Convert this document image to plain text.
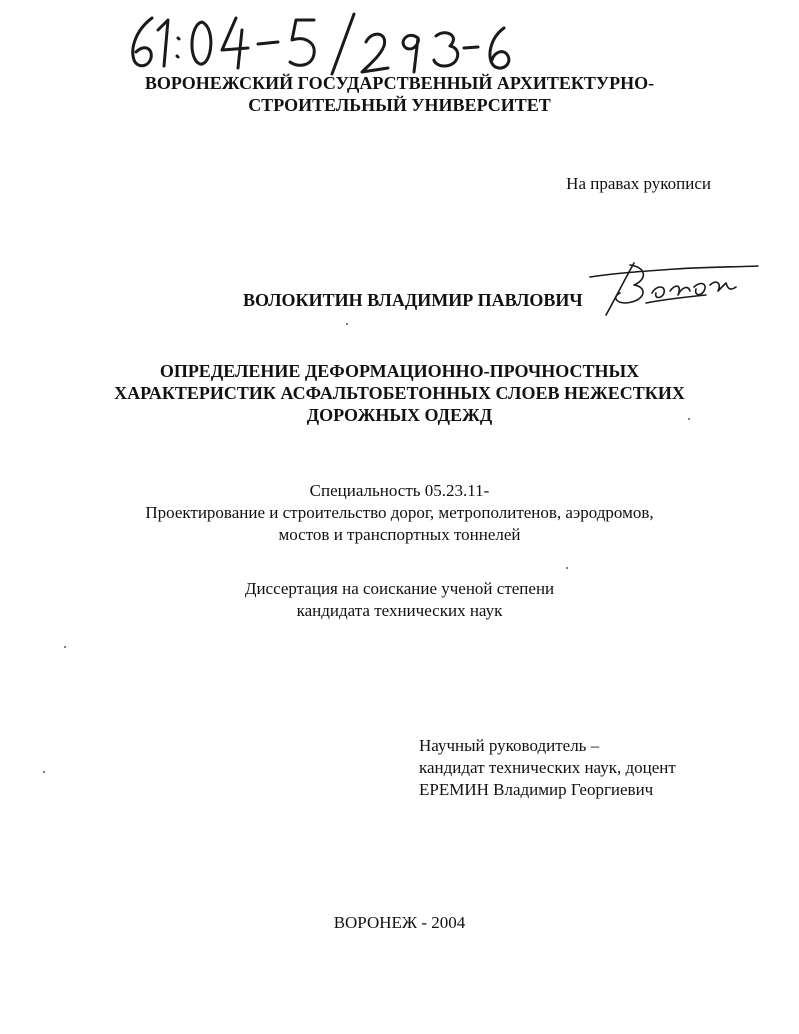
ВОРОНЕЖСКИЙ ГОСУДАРСТВЕННЫЙ АРХИТЕКТУРНО-
СТРОИТЕЛЬНЫЙ УНИВЕРСИТЕТ
На правах рукописи
ВОЛОКИТИН ВЛАДИМИР ПАВЛОВИЧ
ОПРЕДЕЛЕНИЕ ДЕФОРМАЦИОННО-ПРОЧНОСТНЫХ
ХАРАКТЕРИСТИК АСФАЛЬТОБЕТОННЫХ СЛОЕВ НЕЖЕСТКИХ
ДОРОЖНЫХ ОДЕЖД
Специальность 05.23.11-
Проектирование и строительство дорог, метрополитенов, аэродромов,
мостов и транспортных тоннелей
Диссертация на соискание ученой степени
кандидата технических наук
Научный руководитель –
кандидат технических наук, доцент
ЕРЕМИН Владимир Георгиевич
ВОРОНЕЖ - 2004
